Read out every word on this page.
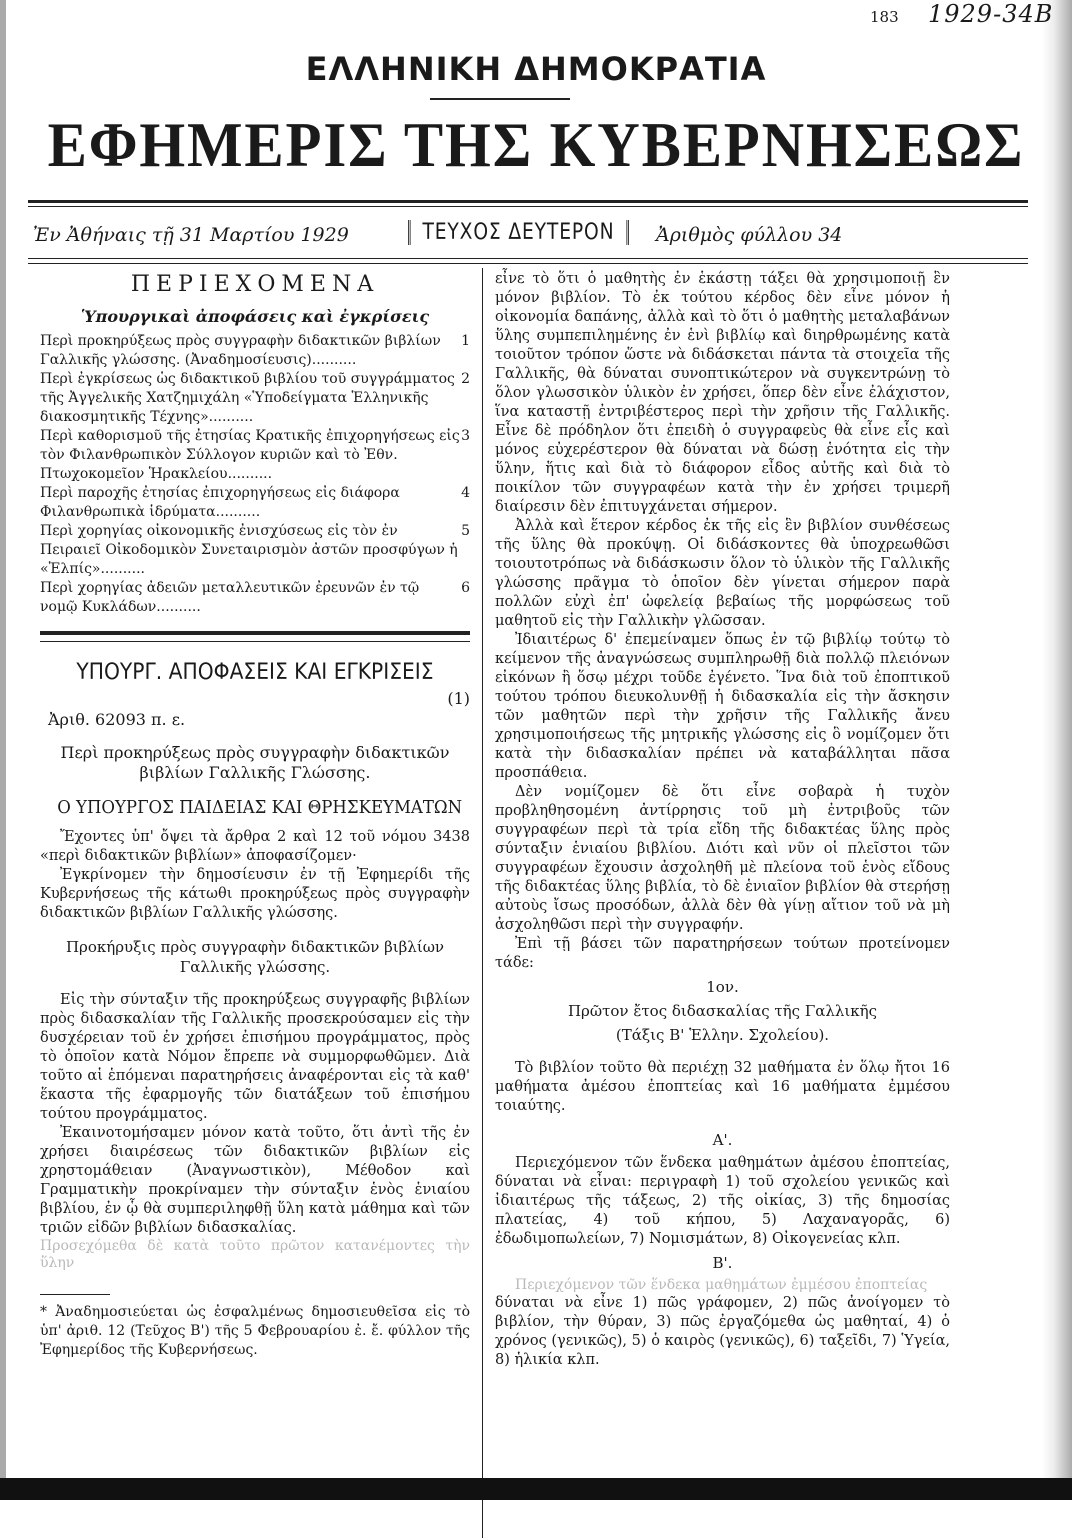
183 1929-34Β
ΕΛΛΗΝΙΚΗ ΔΗΜΟΚΡΑΤΙΑ
ΕΦΗΜΕΡΙΣ ΤΗΣ ΚΥΒΕΡΝΗΣΕΩΣ
Ἐν Ἀθήναις τῇ 31 Μαρτίου 1929	ΤΕΥΧΟΣ ΔΕΥΤΕΡΟΝ	Ἀριθμὸς φύλλου 34
ΠΕΡΙΕΧΟΜΕΝΑ
Ὑπουργικαὶ ἀποφάσεις καὶ ἐγκρίσεις

1
Περὶ προκηρύξεως πρὸς συγγραφὴν διδακτικῶν βιβλίων Γαλλικῆς γλώσσης. (Ἀναδημοσίευσις)..........

2
Περὶ ἐγκρίσεως ὡς διδακτικοῦ βιβλίου τοῦ συγγράμματος τῆς Ἀγγελικῆς Χατζημιχάλη «Ὑποδείγματα Ἑλληνικῆς διακοσμητικῆς Τέχνης»..........

3
Περὶ καθορισμοῦ τῆς ἐτησίας Κρατικῆς ἐπιχορηγήσεως εἰς τὸν Φιλανθρωπικὸν Σύλλογον κυριῶν καὶ τὸ Ἐθν. Πτωχοκομεῖον Ἡρακλείου..........

4
Περὶ παροχῆς ἐτησίας ἐπιχορηγήσεως εἰς διάφορα Φιλανθρωπικὰ ἱδρύματα..........

5
Περὶ χορηγίας οἰκονομικῆς ἐνισχύσεως εἰς τὸν ἐν Πειραιεῖ Οἰκοδομικὸν Συνεταιρισμὸν ἀστῶν προσφύγων ἡ «Ἐλπίς»..........

6
Περὶ χορηγίας ἀδειῶν μεταλλευτικῶν ἐρευνῶν ἐν τῷ νομῷ Κυκλάδων..........

ΥΠΟΥΡΓ. ΑΠΟΦΑΣΕΙΣ ΚΑΙ ΕΓΚΡΙΣΕΙΣ
(1)
Ἀριθ. 62093 π. ε.
Περὶ προκηρύξεως πρὸς συγγραφὴν διδακτικῶν βιβλίων Γαλλικῆς Γλώσσης.
Ο ΥΠΟΥΡΓΟΣ ΠΑΙΔΕΙΑΣ ΚΑΙ ΘΡΗΣΚΕΥΜΑΤΩΝ

Ἔχοντες ὑπ' ὄψει τὰ ἄρθρα 2 καὶ 12 τοῦ νόμου 3438 «περὶ διδακτικῶν βιβλίων» ἀποφασίζομεν·

Ἐγκρίνομεν τὴν δημοσίευσιν ἐν τῇ Ἐφημερίδι τῆς Κυβερνήσεως τῆς κάτωθι προκηρύξεως πρὸς συγγραφὴν διδακτικῶν βιβλίων Γαλλικῆς γλώσσης.

Προκήρυξις πρὸς συγγραφὴν διδακτικῶν βιβλίων Γαλλικῆς γλώσσης.

Εἰς τὴν σύνταξιν τῆς προκηρύξεως συγγραφῆς βιβλίων πρὸς διδασκαλίαν τῆς Γαλλικῆς προσεκρούσαμεν εἰς τὴν δυσχέρειαν τοῦ ἐν χρήσει ἐπισήμου προγράμματος, πρὸς τὸ ὁποῖον κατὰ Νόμον ἔπρεπε νὰ συμμορφωθῶμεν. Διὰ τοῦτο αἱ ἑπόμεναι παρατηρήσεις ἀναφέρονται εἰς τὰ καθ' ἕκαστα τῆς ἐφαρμογῆς τῶν διατάξεων τοῦ ἐπισήμου τούτου προγράμματος.

Ἐκαινοτομήσαμεν μόνον κατὰ τοῦτο, ὅτι ἀντὶ τῆς ἐν χρήσει διαιρέσεως τῶν διδακτικῶν βιβλίων εἰς χρηστομάθειαν (Ἀναγνωστικὸν), Μέθοδον καὶ Γραμματικὴν προκρίναμεν τὴν σύνταξιν ἑνὸς ἑνιαίου βιβλίου, ἐν ᾧ θὰ συμπεριληφθῇ ὕλη κατὰ μάθημα καὶ τῶν τριῶν εἰδῶν βιβλίων διδασκαλίας.

Προσεχόμεθα δὲ κατὰ τοῦτο πρῶτον κατανέμοντες τὴν ὕλην

* Ἀναδημοσιεύεται ὡς ἐσφαλμένως δημοσιευθεῖσα εἰς τὸ ὑπ' ἀριθ. 12 (Τεῦχος Β') τῆς 5 Φεβρουαρίου ἐ. ἔ. φύλλον τῆς Ἐφημερίδος τῆς Κυβερνήσεως.

εἶνε τὸ ὅτι ὁ μαθητὴς ἐν ἑκάστῃ τάξει θὰ χρησιμοποιῇ ἓν μόνον βιβλίον. Τὸ ἐκ τούτου κέρδος δὲν εἶνε μόνον ἡ οἰκονομία δαπάνης, ἀλλὰ καὶ τὸ ὅτι ὁ μαθητὴς μεταλαβάνων ὕλης συμπεπιλημένης ἐν ἑνὶ βιβλίῳ καὶ διηρθρωμένης κατὰ τοιοῦτον τρόπον ὥστε νὰ διδάσκεται πάντα τὰ στοιχεῖα τῆς Γαλλικῆς, θὰ δύναται συνοπτικώτερον νὰ συγκεντρώνῃ τὸ ὅλον γλωσσικὸν ὑλικὸν ἐν χρήσει, ὅπερ δὲν εἶνε ἐλάχιστον, ἵνα καταστῇ ἐντριβέστερος περὶ τὴν χρῆσιν τῆς Γαλλικῆς. Εἶνε δὲ πρόδηλον ὅτι ἐπειδὴ ὁ συγγραφεὺς θὰ εἶνε εἷς καὶ μόνος εὐχερέστερον θὰ δύναται νὰ δώσῃ ἑνότητα εἰς τὴν ὕλην, ἥτις καὶ διὰ τὸ διάφορον εἶδος αὐτῆς καὶ διὰ τὸ ποικίλον τῶν συγγραφέων κατὰ τὴν ἐν χρήσει τριμερῆ διαίρεσιν δὲν ἐπιτυγχάνεται σήμερον.

Ἀλλὰ καὶ ἕτερον κέρδος ἐκ τῆς εἰς ἓν βιβλίον συνθέσεως τῆς ὕλης θὰ προκύψῃ. Οἱ διδάσκοντες θὰ ὑποχρεωθῶσι τοιουτοτρόπως νὰ διδάσκωσιν ὅλον τὸ ὑλικὸν τῆς Γαλλικῆς γλώσσης πρᾶγμα τὸ ὁποῖον δὲν γίνεται σήμερον παρὰ πολλῶν εὐχὶ ἐπ' ὠφελείᾳ βεβαίως τῆς μορφώσεως τοῦ μαθητοῦ εἰς τὴν Γαλλικὴν γλῶσσαν.

Ἰδιαιτέρως δ' ἐπεμείναμεν ὅπως ἐν τῷ βιβλίῳ τούτῳ τὸ κείμενον τῆς ἀναγνώσεως συμπληρωθῇ διὰ πολλῷ πλειόνων εἰκόνων ἢ ὅσῳ μέχρι τοῦδε ἐγένετο. Ἵνα διὰ τοῦ ἐποπτικοῦ τούτου τρόπου διευκολυνθῇ ἡ διδασκαλία εἰς τὴν ἄσκησιν τῶν μαθητῶν περὶ τὴν χρῆσιν τῆς Γαλλικῆς ἄνευ χρησιμοποιήσεως τῆς μητρικῆς γλώσσης εἰς ὃ νομίζομεν ὅτι κατὰ τὴν διδασκαλίαν πρέπει νὰ καταβάλληται πᾶσα προσπάθεια.

Δὲν νομίζομεν δὲ ὅτι εἶνε σοβαρὰ ἡ τυχὸν προβληθησομένη ἀντίρρησις τοῦ μὴ ἐντριβοῦς τῶν συγγραφέων περὶ τὰ τρία εἴδη τῆς διδακτέας ὕλης πρὸς σύνταξιν ἑνιαίου βιβλίου. Διότι καὶ νῦν οἱ πλεῖστοι τῶν συγγραφέων ἔχουσιν ἀσχοληθῆ μὲ πλείονα τοῦ ἑνὸς εἴδους τῆς διδακτέας ὕλης βιβλία, τὸ δὲ ἑνιαῖον βιβλίον θὰ στερήσῃ αὐτοὺς ἴσως προσόδων, ἀλλὰ δὲν θὰ γίνῃ αἴτιον τοῦ νὰ μὴ ἀσχοληθῶσι περὶ τὴν συγγραφήν.

Ἐπὶ τῇ βάσει τῶν παρατηρήσεων τούτων προτείνομεν τάδε:

1ον.

Πρῶτον ἔτος διδασκαλίας τῆς Γαλλικῆς

(Τάξις Β' Ἑλλην. Σχολείου).

Τὸ βιβλίον τοῦτο θὰ περιέχῃ 32 μαθήματα ἐν ὅλῳ ἤτοι 16 μαθήματα ἀμέσου ἐποπτείας καὶ 16 μαθήματα ἐμμέσου τοιαύτης.

Α'.

Περιεχόμενον τῶν ἕνδεκα μαθημάτων ἀμέσου ἐποπτείας, δύναται νὰ εἶναι: περιγραφὴ 1) τοῦ σχολείου γενικῶς καὶ ἰδιαιτέρως τῆς τάξεως, 2) τῆς οἰκίας, 3) τῆς δημοσίας πλατείας, 4) τοῦ κήπου, 5) Λαχαναγορᾶς, 6) ἐδωδιμοπωλείων, 7) Νομισμάτων, 8) Οἰκογενείας κλπ.

Β'.

Περιεχόμενον τῶν ἕνδεκα μαθημάτων ἐμμέσου ἐποπτείας

δύναται νὰ εἶνε 1) πῶς γράφομεν, 2) πῶς ἀνοίγομεν τὸ βιβλίον, τὴν θύραν, 3) πῶς ἐργαζόμεθα ὡς μαθηταί, 4) ὁ χρόνος (γενικῶς), 5) ὁ καιρὸς (γενικῶς), 6) ταξεῖδι, 7) Ὑγεία, 8) ἡλικία κλπ.
